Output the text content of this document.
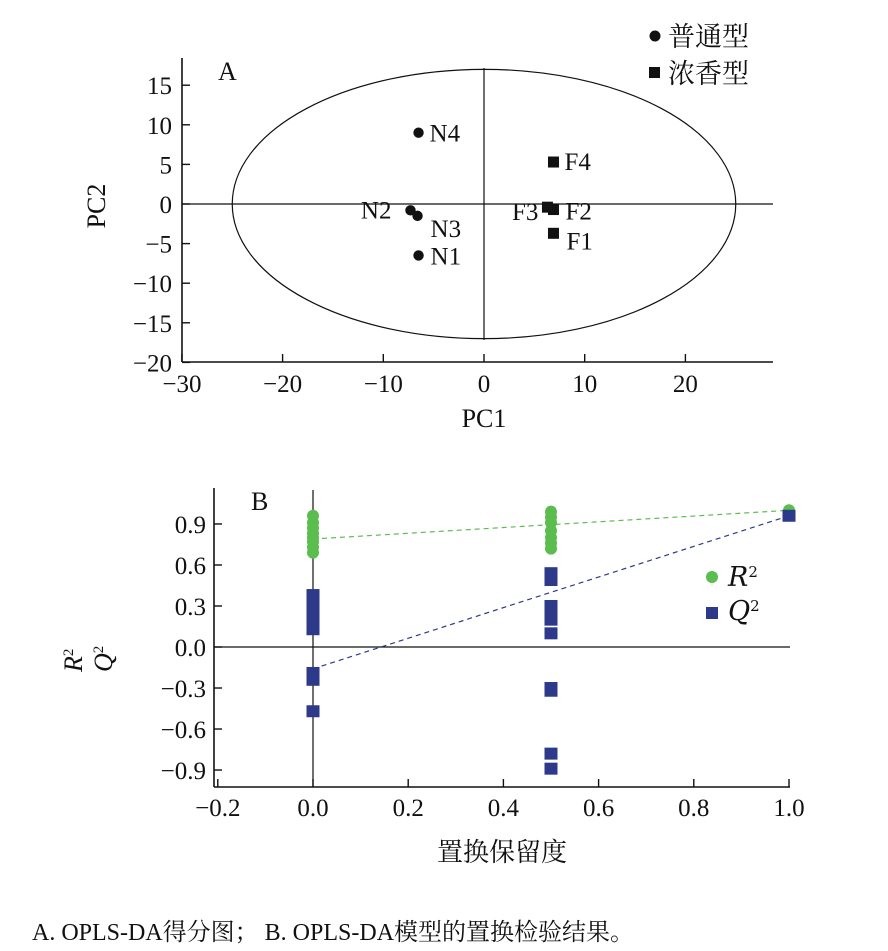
−30 −20 −10	0	10	20
15
10
5
0
−5
−10
−15
−20
N1
N2
N3
N4
F1
F2
F3
F4
A
PC1
PC2
普通型
浓香型
−0.2 0.0	0.2	0.4	0.6	0.8	1.0
0.9
0.6
0.3
0.0
−0.3
−0.6
−0.9
B
置换保留度
$R^2$
$Q^2$
$R^2$
$Q^2$
A. OPLS-DA得分图； B. OPLS-DA模型的置换检验结果。
